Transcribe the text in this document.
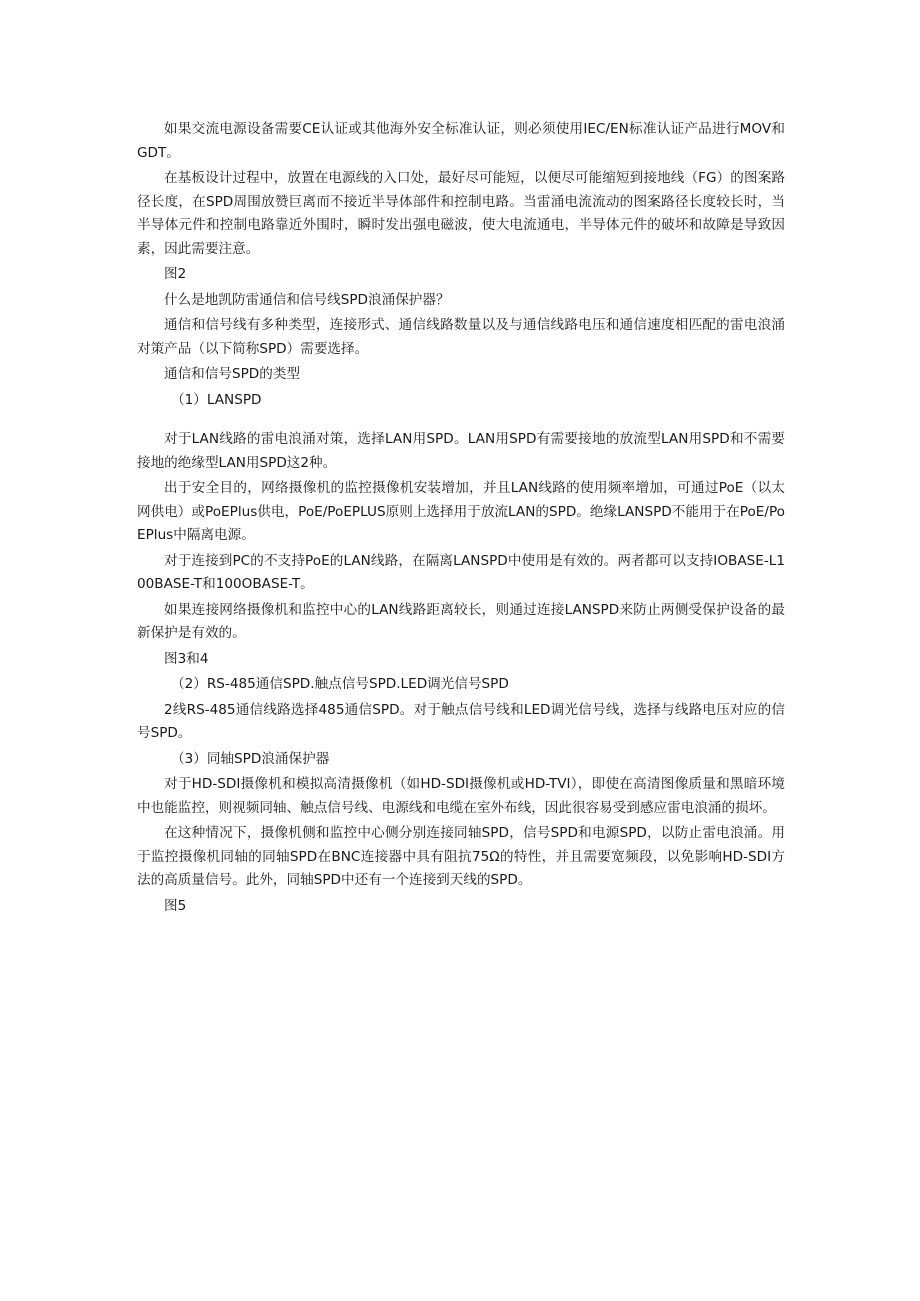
如果交流电源设备需要CE认证或其他海外安全标准认证，则必须使用IEC/EN标准认证产品进行MOV和GDT。

在基板设计过程中，放置在电源线的入口处，最好尽可能短，以便尽可能缩短到接地线（FG）的图案路径长度，在SPD周围放赞巨离而不接近半导体部件和控制电路。当雷涌电流流动的图案路径长度较长时，当半导体元件和控制电路靠近外围时，瞬时发出强电磁波，使大电流通电，半导体元件的破坏和故障是导致因素，因此需要注意。

图2

什么是地凯防雷通信和信号线SPD浪涌保护器？

通信和信号线有多种类型，连接形式、通信线路数量以及与通信线路电压和通信速度相匹配的雷电浪涌对策产品（以下简称SPD）需要选择。

通信和信号SPD的类型

（1）LANSPD

对于LAN线路的雷电浪涌对策，选择LAN用SPD。LAN用SPD有需要接地的放流型LAN用SPD和不需要接地的绝缘型LAN用SPD这2种。

出于安全目的，网络摄像机的监控摄像机安装增加，并且LAN线路的使用频率增加，可通过PoE（以太网供电）或PoEPlus供电，PoE/PoEPLUS原则上选择用于放流LAN的SPD。绝缘LANSPD不能用于在PoE/PoEPlus中隔离电源。

对于连接到PC的不支持PoE的LAN线路，在隔离LANSPD中使用是有效的。两者都可以支持IOBASE-L100BASE-T和100OBASE-T。

如果连接网络摄像机和监控中心的LAN线路距离较长，则通过连接LANSPD来防止两侧受保护设备的最新保护是有效的。

图3和4

（2）RS-485通信SPD.触点信号SPD.LED调光信号SPD

2线RS-485通信线路选择485通信SPD。对于触点信号线和LED调光信号线，选择与线路电压对应的信号SPD。

（3）同轴SPD浪涌保护器

对于HD-SDI摄像机和模拟高清摄像机（如HD-SDI摄像机或HD-TVI），即使在高清图像质量和黑暗环境中也能监控，则视频同轴、触点信号线、电源线和电缆在室外布线，因此很容易受到感应雷电浪涌的损坏。

在这种情况下，摄像机侧和监控中心侧分别连接同轴SPD，信号SPD和电源SPD，以防止雷电浪涌。用于监控摄像机同轴的同轴SPD在BNC连接器中具有阻抗75Ω的特性，并且需要宽频段，以免影响HD-SDI方法的高质量信号。此外，同轴SPD中还有一个连接到天线的SPD。

图5
